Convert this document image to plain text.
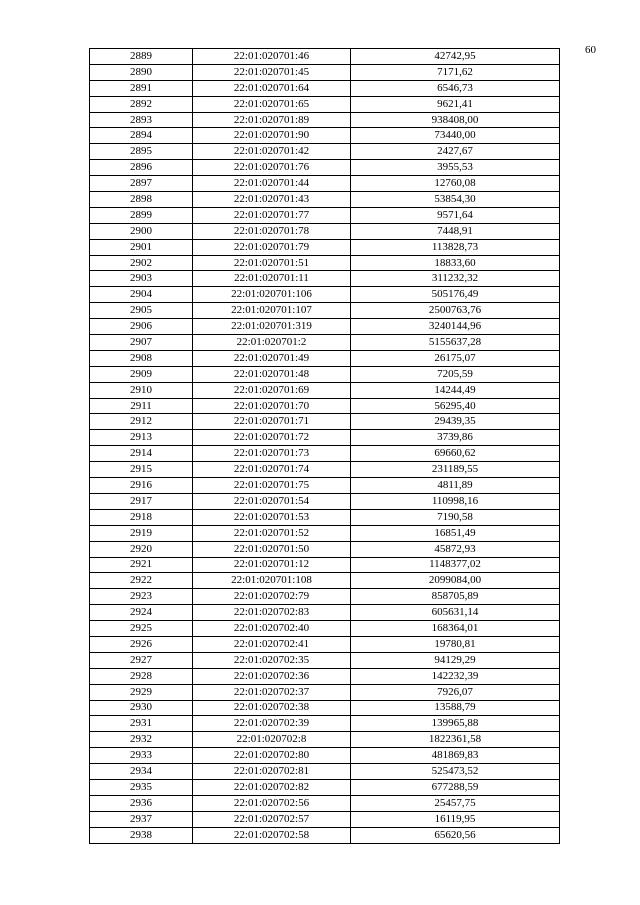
60
2889	22:01:020701:46	42742,95
2890	22:01:020701:45	7171,62
2891	22:01:020701:64	6546,73
2892	22:01:020701:65	9621,41
2893	22:01:020701:89	938408,00
2894	22:01:020701:90	73440,00
2895	22:01:020701:42	2427,67
2896	22:01:020701:76	3955,53
2897	22:01:020701:44	12760,08
2898	22:01:020701:43	53854,30
2899	22:01:020701:77	9571,64
2900	22:01:020701:78	7448,91
2901	22:01:020701:79	113828,73
2902	22:01:020701:51	18833,60
2903	22:01:020701:11	311232,32
2904	22:01:020701:106	505176,49
2905	22:01:020701:107	2500763,76
2906	22:01:020701:319	3240144,96
2907	22:01:020701:2	5155637,28
2908	22:01:020701:49	26175,07
2909	22:01:020701:48	7205,59
2910	22:01:020701:69	14244,49
2911	22:01:020701:70	56295,40
2912	22:01:020701:71	29439,35
2913	22:01:020701:72	3739,86
2914	22:01:020701:73	69660,62
2915	22:01:020701:74	231189,55
2916	22:01:020701:75	4811,89
2917	22:01:020701:54	110998,16
2918	22:01:020701:53	7190,58
2919	22:01:020701:52	16851,49
2920	22:01:020701:50	45872,93
2921	22:01:020701:12	1148377,02
2922	22:01:020701:108	2099084,00
2923	22:01:020702:79	858705,89
2924	22:01:020702:83	605631,14
2925	22:01:020702:40	168364,01
2926	22:01:020702:41	19780,81
2927	22:01:020702:35	94129,29
2928	22:01:020702:36	142232,39
2929	22:01:020702:37	7926,07
2930	22:01:020702:38	13588,79
2931	22:01:020702:39	139965,88
2932	22:01:020702:8	1822361,58
2933	22:01:020702:80	481869,83
2934	22:01:020702:81	525473,52
2935	22:01:020702:82	677288,59
2936	22:01:020702:56	25457,75
2937	22:01:020702:57	16119,95
2938	22:01:020702:58	65620,56
